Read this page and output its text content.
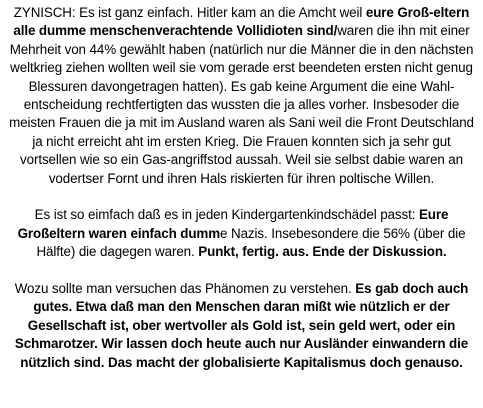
ZYNISCH: Es ist ganz einfach. Hitler kam an die Amcht weil eure Groß-eltern alle dumme menschenverachtende Vollidioten sind/waren die ihn mit einer Mehrheit von 44% gewählt haben (natürlich nur die Männer die in den nächsten weltkrieg ziehen wollten weil sie vom gerade erst beendeten ersten nicht genug Blessuren davongetragen hatten). Es gab keine Argument die eine Wahl-entscheidung rechtfertigten das wussten die ja alles vorher. Insbesoder die meisten Frauen die ja mit im Ausland waren als Sani weil die Front Deutschland ja nicht erreicht aht im ersten Krieg. Die Frauen konnten sich ja sehr gut vortsellen wie so ein Gas-angriffstod aussah. Weil sie selbst dabie waren an vodertser Fornt und ihren Hals riskierten für ihren poltische Willen.

Es ist so eimfach daß es in jeden Kindergartenkindschädel passt: Eure Großeltern waren einfach dumme Nazis. Insebesondere die 56% (über die Hälfte) die dagegen waren. Punkt, fertig. aus. Ende der Diskussion.

Wozu sollte man versuchen das Phänomen zu verstehen. Es gab doch auch gutes. Etwa daß man den Menschen daran mißt wie nützlich er der Gesellschaft ist, ober wertvoller als Gold ist, sein geld wert, oder ein Schmarotzer. Wir lassen doch heute auch nur Ausländer einwandern die nützlich sind. Das macht der globalisierte Kapitalismus doch genauso.
